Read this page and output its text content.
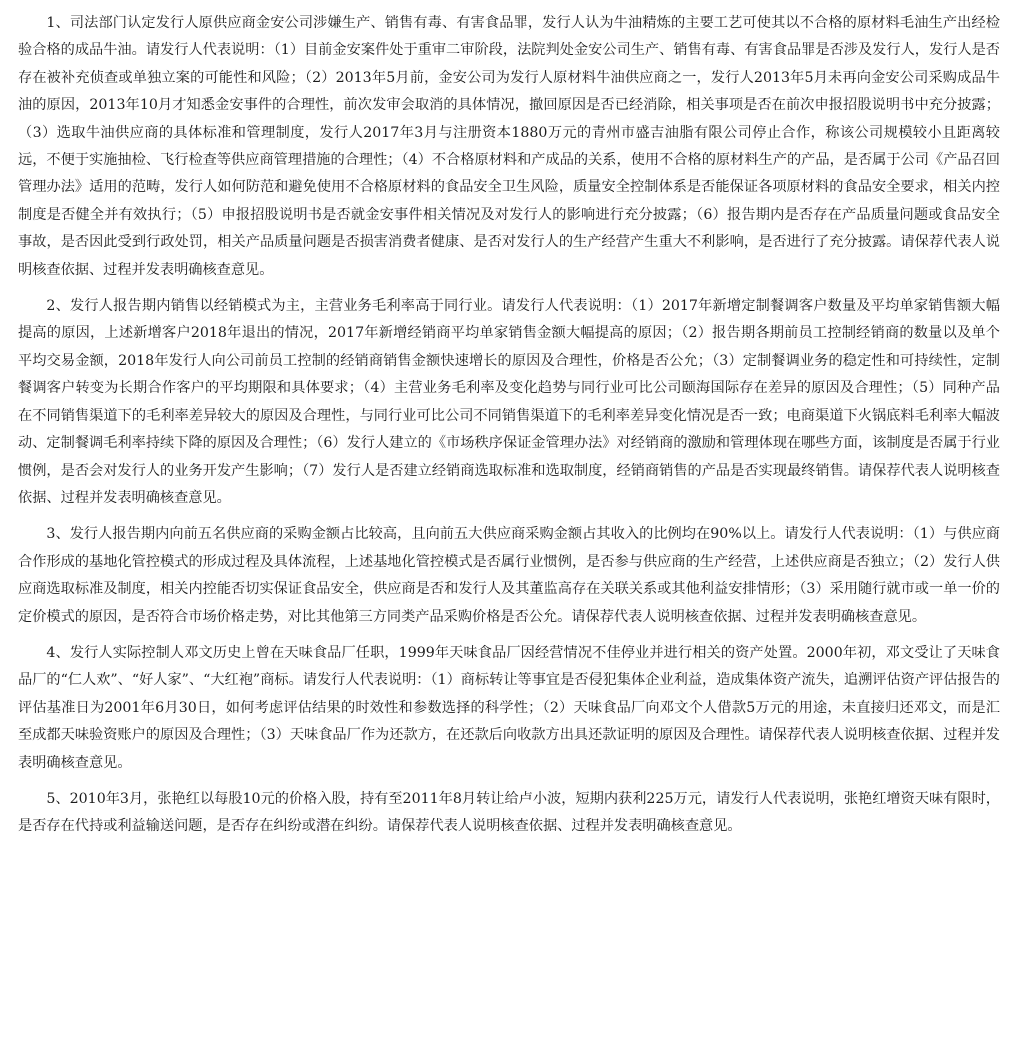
1、司法部门认定发行人原供应商金安公司涉嫌生产、销售有毒、有害食品罪，发行人认为牛油精炼的主要工艺可使其以不合格的原材料毛油生产出经检验合格的成品牛油。请发行人代表说明：（1）目前金安案件处于重审二审阶段，法院判处金安公司生产、销售有毒、有害食品罪是否涉及发行人，发行人是否存在被补充侦查或单独立案的可能性和风险；（2）2013年5月前，金安公司为发行人原材料牛油供应商之一，发行人2013年5月未再向金安公司采购成品牛油的原因，2013年10月才知悉金安事件的合理性，前次发审会取消的具体情况，撤回原因是否已经消除，相关事项是否在前次申报招股说明书中充分披露；（3）选取牛油供应商的具体标准和管理制度，发行人2017年3月与注册资本1880万元的青州市盛吉油脂有限公司停止合作，称该公司规模较小且距离较远，不便于实施抽检、飞行检查等供应商管理措施的合理性；（4）不合格原材料和产成品的关系，使用不合格的原材料生产的产品，是否属于公司《产品召回管理办法》适用的范畴，发行人如何防范和避免使用不合格原材料的食品安全卫生风险，质量安全控制体系是否能保证各项原材料的食品安全要求，相关内控制度是否健全并有效执行；（5）申报招股说明书是否就金安事件相关情况及对发行人的影响进行充分披露；（6）报告期内是否存在产品质量问题或食品安全事故，是否因此受到行政处罚，相关产品质量问题是否损害消费者健康、是否对发行人的生产经营产生重大不利影响，是否进行了充分披露。请保荐代表人说明核查依据、过程并发表明确核查意见。

2、发行人报告期内销售以经销模式为主，主营业务毛利率高于同行业。请发行人代表说明：（1）2017年新增定制餐调客户数量及平均单家销售额大幅提高的原因，上述新增客户2018年退出的情况，2017年新增经销商平均单家销售金额大幅提高的原因；（2）报告期各期前员工控制经销商的数量以及单个平均交易金额，2018年发行人向公司前员工控制的经销商销售金额快速增长的原因及合理性，价格是否公允；（3）定制餐调业务的稳定性和可持续性，定制餐调客户转变为长期合作客户的平均期限和具体要求；（4）主营业务毛利率及变化趋势与同行业可比公司颐海国际存在差异的原因及合理性；（5）同种产品在不同销售渠道下的毛利率差异较大的原因及合理性，与同行业可比公司不同销售渠道下的毛利率差异变化情况是否一致；电商渠道下火锅底料毛利率大幅波动、定制餐调毛利率持续下降的原因及合理性；（6）发行人建立的《市场秩序保证金管理办法》对经销商的激励和管理体现在哪些方面，该制度是否属于行业惯例，是否会对发行人的业务开发产生影响；（7）发行人是否建立经销商选取标准和选取制度，经销商销售的产品是否实现最终销售。请保荐代表人说明核查依据、过程并发表明确核查意见。

3、发行人报告期内向前五名供应商的采购金额占比较高，且向前五大供应商采购金额占其收入的比例均在90%以上。请发行人代表说明：（1）与供应商合作形成的基地化管控模式的形成过程及具体流程，上述基地化管控模式是否属行业惯例，是否参与供应商的生产经营，上述供应商是否独立；（2）发行人供应商选取标准及制度，相关内控能否切实保证食品安全，供应商是否和发行人及其董监高存在关联关系或其他利益安排情形；（3）采用随行就市或一单一价的定价模式的原因，是否符合市场价格走势，对比其他第三方同类产品采购价格是否公允。请保荐代表人说明核查依据、过程并发表明确核查意见。

4、发行人实际控制人邓文历史上曾在天味食品厂任职，1999年天味食品厂因经营情况不佳停业并进行相关的资产处置。2000年初，邓文受让了天味食品厂的“仁人欢”、“好人家”、“大红袍”商标。请发行人代表说明：（1）商标转让等事宜是否侵犯集体企业利益，造成集体资产流失，追溯评估资产评估报告的评估基准日为2001年6月30日，如何考虑评估结果的时效性和参数选择的科学性；（2）天味食品厂向邓文个人借款5万元的用途，未直接归还邓文，而是汇至成都天味验资账户的原因及合理性；（3）天味食品厂作为还款方，在还款后向收款方出具还款证明的原因及合理性。请保荐代表人说明核查依据、过程并发表明确核查意见。

5、2010年3月，张艳红以每股10元的价格入股，持有至2011年8月转让给卢小波，短期内获利225万元，请发行人代表说明，张艳红增资天味有限时，是否存在代持或利益输送问题，是否存在纠纷或潜在纠纷。请保荐代表人说明核查依据、过程并发表明确核查意见。
